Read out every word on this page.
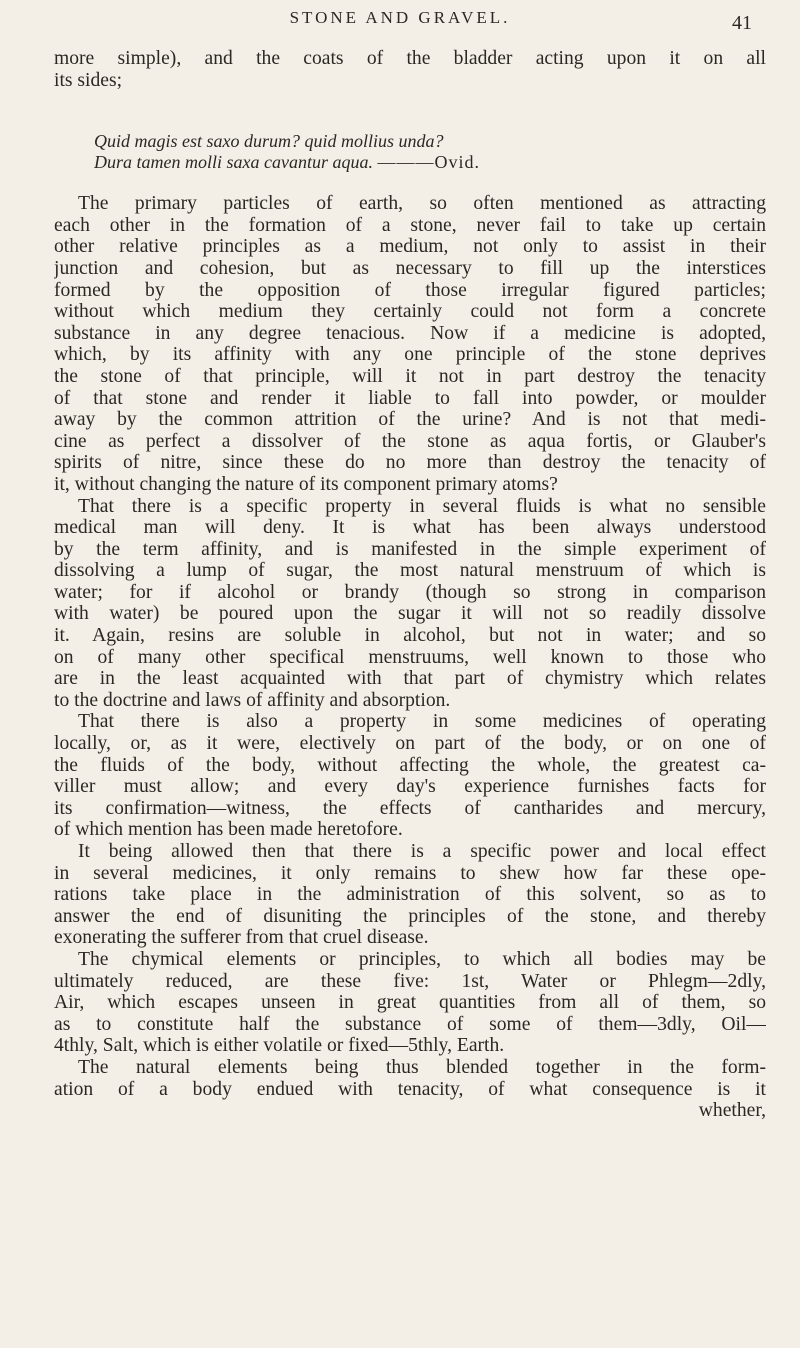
STONE AND GRAVEL.	41

more simple), and the coats of the bladder acting upon it on all
its sides;

Quid magis est saxo durum? quid mollius unda?
Dura tamen molli saxa cavantur aqua. ———Ovid.

The primary particles of earth, so often mentioned as attracting
each other in the formation of a stone, never fail to take up certain
other relative principles as a medium, not only to assist in their
junction and cohesion, but as necessary to fill up the interstices
formed by the opposition of those irregular figured particles;
without which medium they certainly could not form a concrete
substance in any degree tenacious. Now if a medicine is adopted,
which, by its affinity with any one principle of the stone deprives
the stone of that principle, will it not in part destroy the tenacity
of that stone and render it liable to fall into powder, or moulder
away by the common attrition of the urine? And is not that medi-
cine as perfect a dissolver of the stone as aqua fortis, or Glauber's
spirits of nitre, since these do no more than destroy the tenacity of
it, without changing the nature of its component primary atoms?

That there is a specific property in several fluids is what no sensible
medical man will deny. It is what has been always understood
by the term affinity, and is manifested in the simple experiment of
dissolving a lump of sugar, the most natural menstruum of which is
water; for if alcohol or brandy (though so strong in comparison
with water) be poured upon the sugar it will not so readily dissolve
it. Again, resins are soluble in alcohol, but not in water; and so
on of many other specifical menstruums, well known to those who
are in the least acquainted with that part of chymistry which relates
to the doctrine and laws of affinity and absorption.

That there is also a property in some medicines of operating
locally, or, as it were, electively on part of the body, or on one of
the fluids of the body, without affecting the whole, the greatest ca-
viller must allow; and every day's experience furnishes facts for
its confirmation—witness, the effects of cantharides and mercury,
of which mention has been made heretofore.

It being allowed then that there is a specific power and local effect
in several medicines, it only remains to shew how far these ope-
rations take place in the administration of this solvent, so as to
answer the end of disuniting the principles of the stone, and thereby
exonerating the sufferer from that cruel disease.

The chymical elements or principles, to which all bodies may be
ultimately reduced, are these five: 1st, Water or Phlegm—2dly,
Air, which escapes unseen in great quantities from all of them, so
as to constitute half the substance of some of them—3dly, Oil—
4thly, Salt, which is either volatile or fixed—5thly, Earth.
The natural elements being thus blended together in the form-
ation of a body endued with tenacity, of what consequence is it

whether,
